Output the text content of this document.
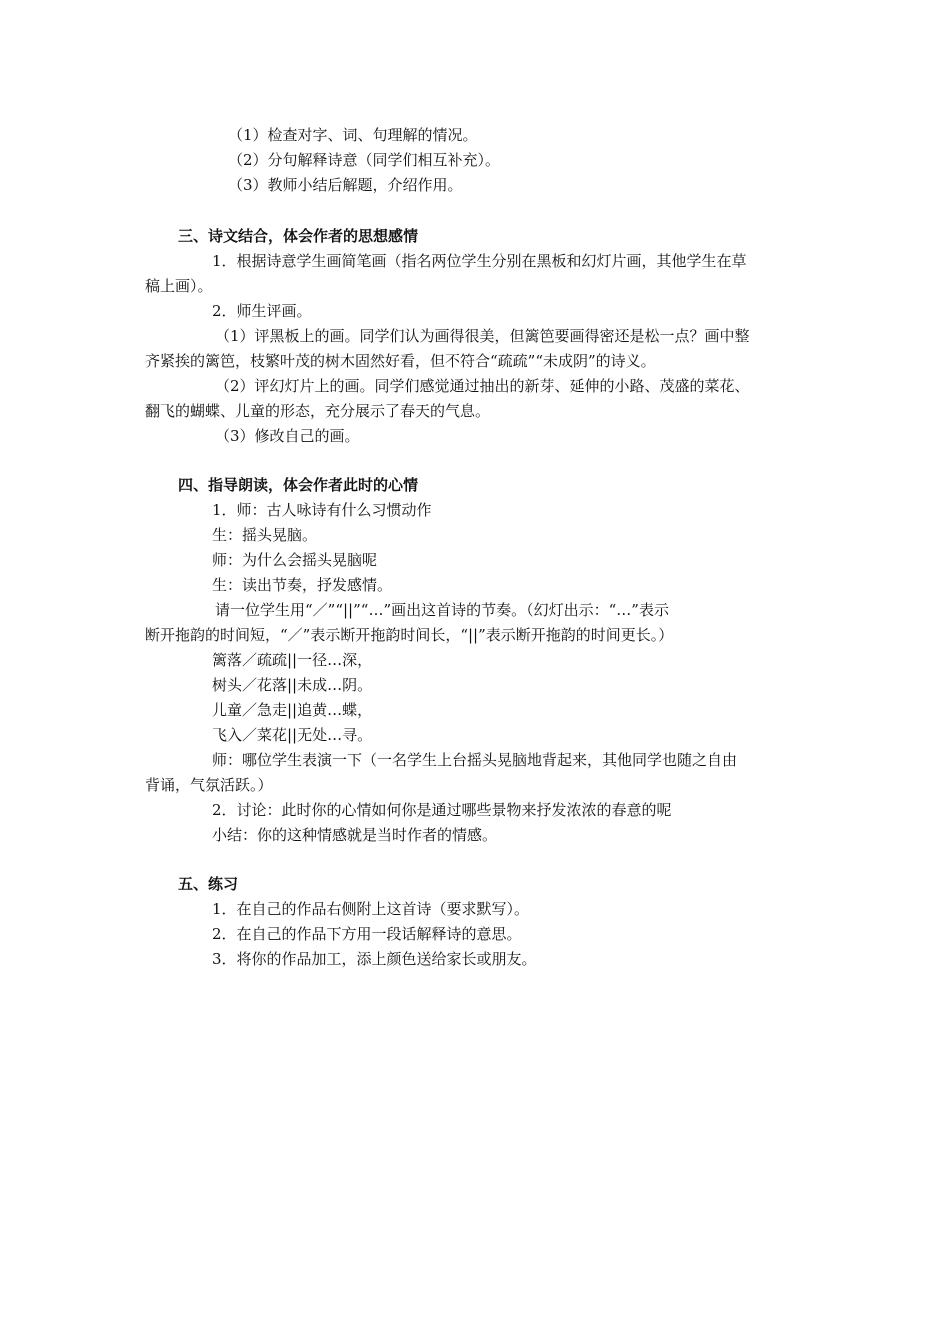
（1）检查对字、词、句理解的情况。
（2）分句解释诗意（同学们相互补充）。
（3）教师小结后解题，介绍作用。
三、诗文结合，体会作者的思想感情
1．根据诗意学生画简笔画（指名两位学生分别在黑板和幻灯片画，其他学生在草
稿上画）。
2．师生评画。
（1）评黑板上的画。同学们认为画得很美，但篱笆要画得密还是松一点？画中整
齐紧挨的篱笆，枝繁叶茂的树木固然好看，但不符合“疏疏”“未成阴”的诗义。
（2）评幻灯片上的画。同学们感觉通过抽出的新芽、延伸的小路、茂盛的菜花、
翻飞的蝴蝶、儿童的形态，充分展示了春天的气息。
（3）修改自己的画。
四、指导朗读，体会作者此时的心情
1．师：古人咏诗有什么习惯动作
生：摇头晃脑。
师：为什么会摇头晃脑呢
生：读出节奏，抒发感情。
请一位学生用“／”“||”“…”画出这首诗的节奏。（幻灯出示：“…”表示
断开拖韵的时间短，“／”表示断开拖韵时间长，“||”表示断开拖韵的时间更长。）
篱落／疏疏||一径…深，
树头／花落||未成…阴。
儿童／急走||追黄…蝶，
飞入／菜花||无处…寻。
师：哪位学生表演一下（一名学生上台摇头晃脑地背起来，其他同学也随之自由
背诵，气氛活跃。）
2．讨论：此时你的心情如何你是通过哪些景物来抒发浓浓的春意的呢
小结：你的这种情感就是当时作者的情感。
五、练习
1．在自己的作品右侧附上这首诗（要求默写）。
2．在自己的作品下方用一段话解释诗的意思。
3．将你的作品加工，添上颜色送给家长或朋友。
